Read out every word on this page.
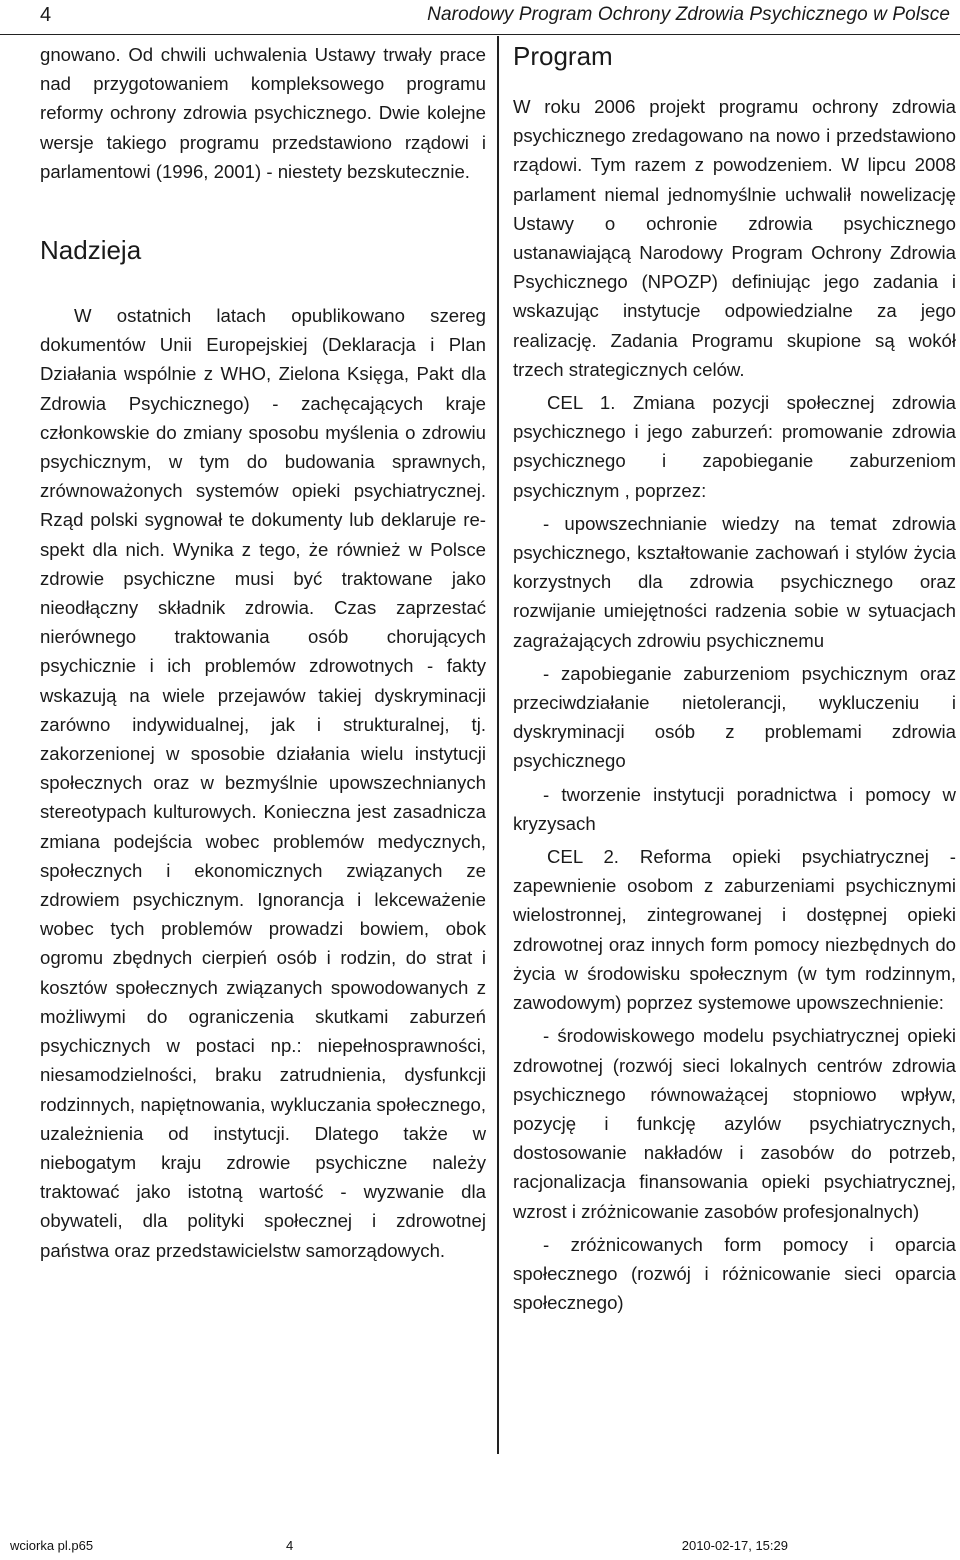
4	Narodowy Program Ochrony Zdrowia Psychicznego w Polsce

gnowano. Od chwili uchwalenia Ustawy trwały prace nad przygotowaniem kompleksowego programu reformy ochrony zdrowia psychicznego. Dwie kolejne wersje takiego programu przedstawiono rządowi i parlamentowi (1996, 2001) - niestety bezskutecznie.

Nadzieja

W ostatnich latach opublikowano szereg dokumentów Unii Europejskiej (Deklaracja i Plan Działania wspólnie z WHO, Zielona Księga, Pakt dla Zdrowia Psychicznego) - zachęcających kraje członkowskie do zmiany sposobu myślenia o zdrowiu psychicznym, w tym do budowania sprawnych, zrównoważonych systemów opieki psychiatrycznej. Rząd polski sygnował te dokumenty lub deklaruje respekt dla nich. Wynika z tego, że również w Polsce zdrowie psychiczne musi być traktowane jako nieodłączny składnik zdrowia. Czas zaprzestać nierównego traktowania osób chorujących psychicznie i ich problemów zdrowotnych - fakty wskazują na wiele przejawów takiej dyskryminacji zarówno indywidualnej, jak i strukturalnej, tj. zakorzenionej w sposobie działania wielu instytucji społecznych oraz w bezmyślnie upowszechnianych stereotypach kulturowych. Konieczna jest zasadnicza zmiana podejścia wobec problemów medycznych, społecznych i ekonomicznych związanych ze zdrowiem psychicznym. Ignorancja i lekceważenie wobec tych problemów prowadzi bowiem, obok ogromu zbędnych cierpień osób i rodzin, do strat i kosztów społecznych związanych spowodowanych z możliwymi do ograniczenia skutkami zaburzeń psychicznych w postaci np.: niepełnosprawności, niesamodzielności, braku zatrudnienia, dysfunkcji rodzinnych, napiętnowania, wykluczania społecznego, uzależnienia od instytucji. Dlatego także w niebogatym kraju zdrowie psychiczne należy traktować jako istotną wartość - wyzwanie dla obywateli, dla polityki społecznej i zdrowotnej państwa oraz przedstawicielstw samorządowych.

Program

W roku 2006 projekt programu ochrony zdrowia psychicznego zredagowano na nowo i przedstawiono rządowi. Tym razem z powodzeniem. W lipcu 2008 parlament niemal jednomyślnie uchwalił nowelizację Ustawy o ochronie zdrowia psychicznego ustanawiającą Narodowy Program Ochrony Zdrowia Psychicznego (NPOZP) definiując jego zadania i wskazując instytucje odpowiedzialne za jego realizację. Zadania Programu skupione są wokół trzech strategicznych celów.

CEL 1. Zmiana pozycji społecznej zdrowia psychicznego i jego zaburzeń: promowanie zdrowia psychicznego i zapobieganie zaburzeniom psychicznym , poprzez:

- upowszechnianie wiedzy na temat zdrowia psychicznego, kształtowanie zachowań i stylów życia korzystnych dla zdrowia psychicznego oraz rozwijanie umiejętności radzenia sobie w sytuacjach zagrażających zdrowiu psychicznemu

- zapobieganie zaburzeniom psychicznym oraz przeciwdziałanie nietolerancji, wykluczeniu i dyskryminacji osób z problemami zdrowia psychicznego

- tworzenie instytucji poradnictwa i pomocy w kryzysach

CEL 2. Reforma opieki psychiatrycznej - zapewnienie osobom z zaburzeniami psychicznymi wielostronnej, zintegrowanej i dostępnej opieki zdrowotnej oraz innych form pomocy niezbędnych do życia w środowisku społecznym (w tym rodzinnym, zawodowym) poprzez systemowe upowszechnienie:

- środowiskowego modelu psychiatrycznej opieki zdrowotnej (rozwój sieci lokalnych centrów zdrowia psychicznego równoważącej stopniowo wpływ, pozycję i funkcję azylów psychiatrycznych, dostosowanie nakładów i zasobów do potrzeb, racjonalizacja finansowania opieki psychiatrycznej, wzrost i zróżnicowanie zasobów profesjonalnych)

- zróżnicowanych form pomocy i oparcia społecznego (rozwój i różnicowanie sieci oparcia społecznego)

wciorka pl.p65	4	2010-02-17, 15:29
